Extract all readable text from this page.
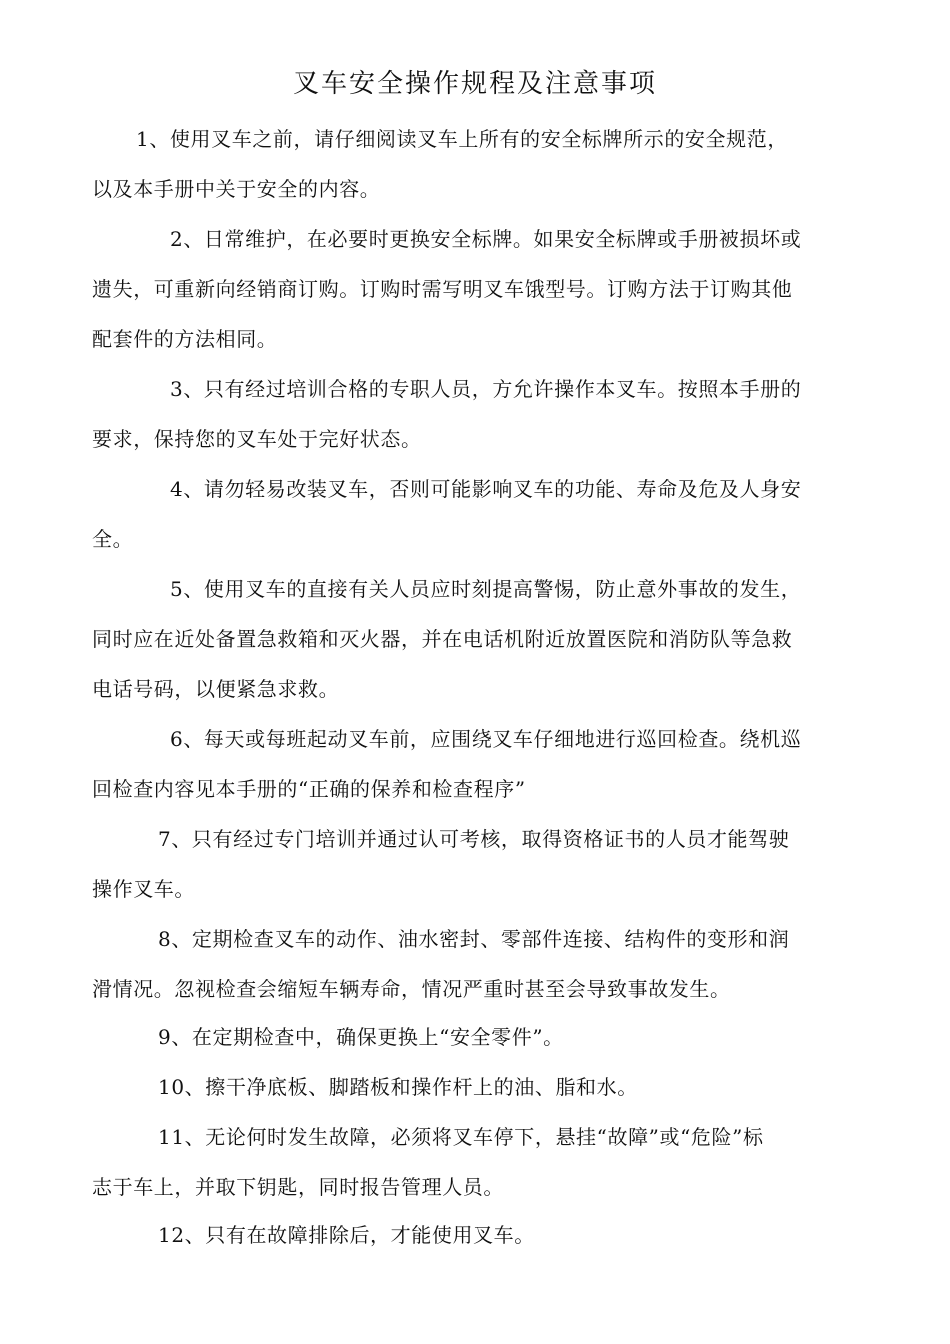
叉车安全操作规程及注意事项
1、使用叉车之前，请仔细阅读叉车上所有的安全标牌所示的安全规范，
以及本手册中关于安全的内容。
2、日常维护，在必要时更换安全标牌。如果安全标牌或手册被损坏或
遗失，可重新向经销商订购。订购时需写明叉车饿型号。订购方法于订购其他
配套件的方法相同。
3、只有经过培训合格的专职人员，方允许操作本叉车。按照本手册的
要求，保持您的叉车处于完好状态。
4、请勿轻易改装叉车，否则可能影响叉车的功能、寿命及危及人身安
全。
5、使用叉车的直接有关人员应时刻提高警惕，防止意外事故的发生，
同时应在近处备置急救箱和灭火器，并在电话机附近放置医院和消防队等急救
电话号码，以便紧急求救。
6、每天或每班起动叉车前，应围绕叉车仔细地进行巡回检查。绕机巡
回检查内容见本手册的“正确的保养和检查程序”
7、只有经过专门培训并通过认可考核，取得资格证书的人员才能驾驶
操作叉车。
8、定期检查叉车的动作、油水密封、零部件连接、结构件的变形和润
滑情况。忽视检查会缩短车辆寿命，情况严重时甚至会导致事故发生。
9、在定期检查中，确保更换上“安全零件”。
10、擦干净底板、脚踏板和操作杆上的油、脂和水。
11、无论何时发生故障，必须将叉车停下，悬挂“故障”或“危险”标
志于车上，并取下钥匙，同时报告管理人员。
12、只有在故障排除后，才能使用叉车。
